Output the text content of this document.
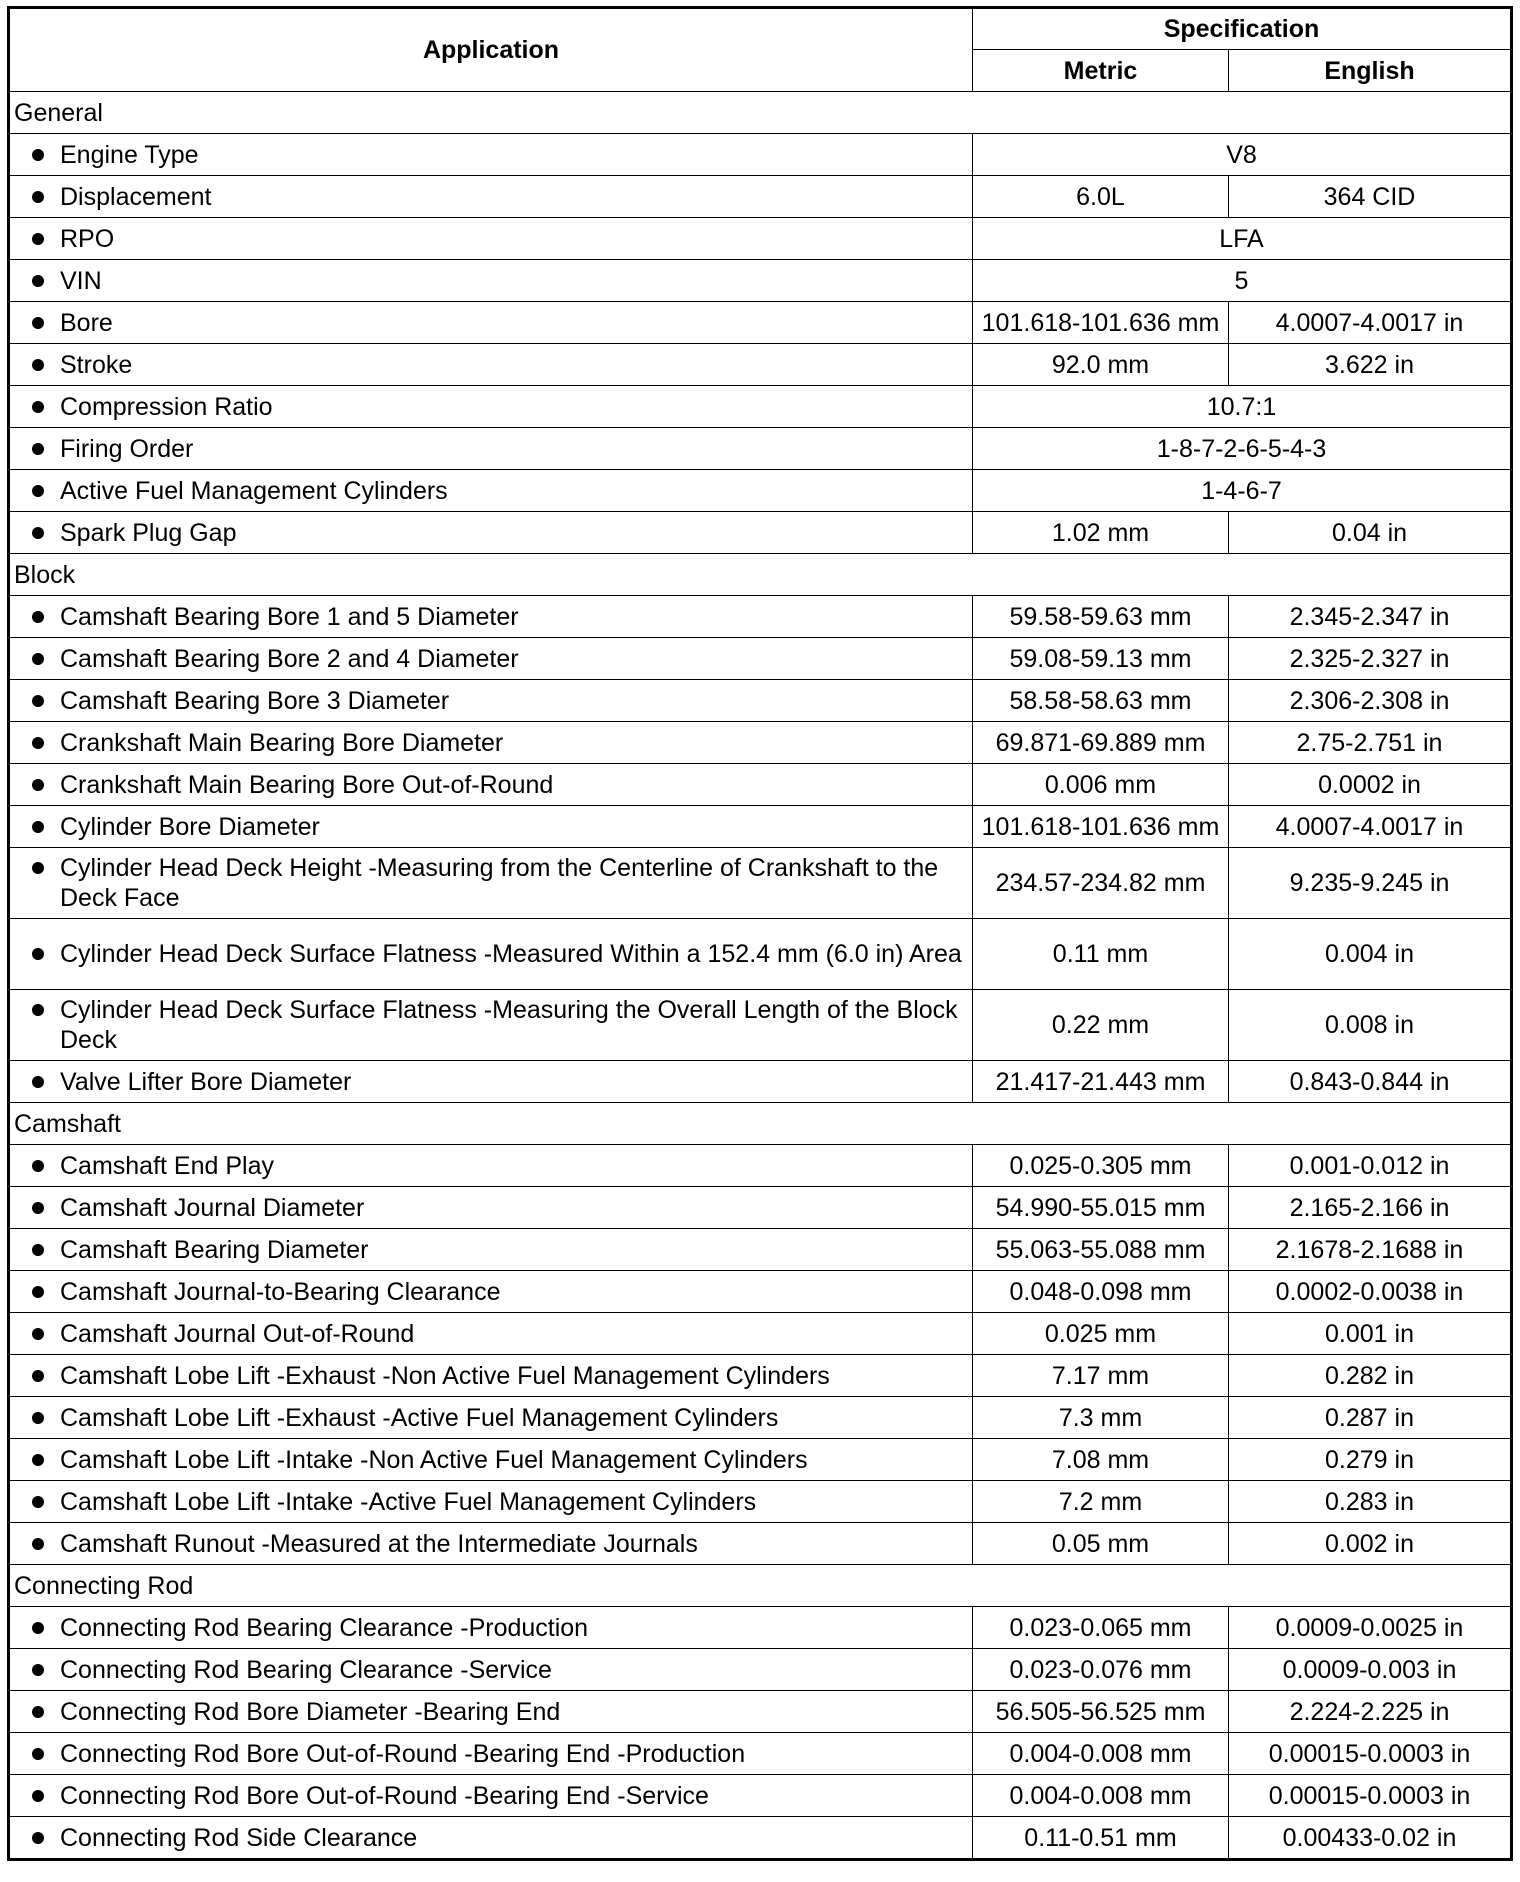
Application	Specification	
	Metric	English
General		

Engine Type	V8	

Displacement	6.0L	364 CID

RPO	LFA	

VIN	5	

Bore	101.618-101.636 mm	4.0007-4.0017 in

Stroke	92.0 mm	3.622 in

Compression Ratio	10.7:1	

Firing Order	1-8-7-2-6-5-4-3	

Active Fuel Management Cylinders	1-4-6-7	

Spark Plug Gap	1.02 mm	0.04 in
Block		

Camshaft Bearing Bore 1 and 5 Diameter	59.58-59.63 mm	2.345-2.347 in

Camshaft Bearing Bore 2 and 4 Diameter	59.08-59.13 mm	2.325-2.327 in

Camshaft Bearing Bore 3 Diameter	58.58-58.63 mm	2.306-2.308 in

Crankshaft Main Bearing Bore Diameter	69.871-69.889 mm	2.75-2.751 in

Crankshaft Main Bearing Bore Out-of-Round	0.006 mm	0.0002 in

Cylinder Bore Diameter	101.618-101.636 mm	4.0007-4.0017 in

Cylinder Head Deck Height -Measuring from the Centerline of Crankshaft to the Deck Face	234.57-234.82 mm	9.235-9.245 in

Cylinder Head Deck Surface Flatness -Measured Within a 152.4 mm (6.0 in) Area	0.11 mm	0.004 in

Cylinder Head Deck Surface Flatness -Measuring the Overall Length of the Block Deck	0.22 mm	0.008 in

Valve Lifter Bore Diameter	21.417-21.443 mm	0.843-0.844 in
Camshaft		

Camshaft End Play	0.025-0.305 mm	0.001-0.012 in

Camshaft Journal Diameter	54.990-55.015 mm	2.165-2.166 in

Camshaft Bearing Diameter	55.063-55.088 mm	2.1678-2.1688 in

Camshaft Journal-to-Bearing Clearance	0.048-0.098 mm	0.0002-0.0038 in

Camshaft Journal Out-of-Round	0.025 mm	0.001 in

Camshaft Lobe Lift -Exhaust -Non Active Fuel Management Cylinders	7.17 mm	0.282 in

Camshaft Lobe Lift -Exhaust -Active Fuel Management Cylinders	7.3 mm	0.287 in

Camshaft Lobe Lift -Intake -Non Active Fuel Management Cylinders	7.08 mm	0.279 in

Camshaft Lobe Lift -Intake -Active Fuel Management Cylinders	7.2 mm	0.283 in

Camshaft Runout -Measured at the Intermediate Journals	0.05 mm	0.002 in
Connecting Rod		

Connecting Rod Bearing Clearance -Production	0.023-0.065 mm	0.0009-0.0025 in

Connecting Rod Bearing Clearance -Service	0.023-0.076 mm	0.0009-0.003 in

Connecting Rod Bore Diameter -Bearing End	56.505-56.525 mm	2.224-2.225 in

Connecting Rod Bore Out-of-Round -Bearing End -Production	0.004-0.008 mm	0.00015-0.0003 in

Connecting Rod Bore Out-of-Round -Bearing End -Service	0.004-0.008 mm	0.00015-0.0003 in

Connecting Rod Side Clearance	0.11-0.51 mm	0.00433-0.02 in
